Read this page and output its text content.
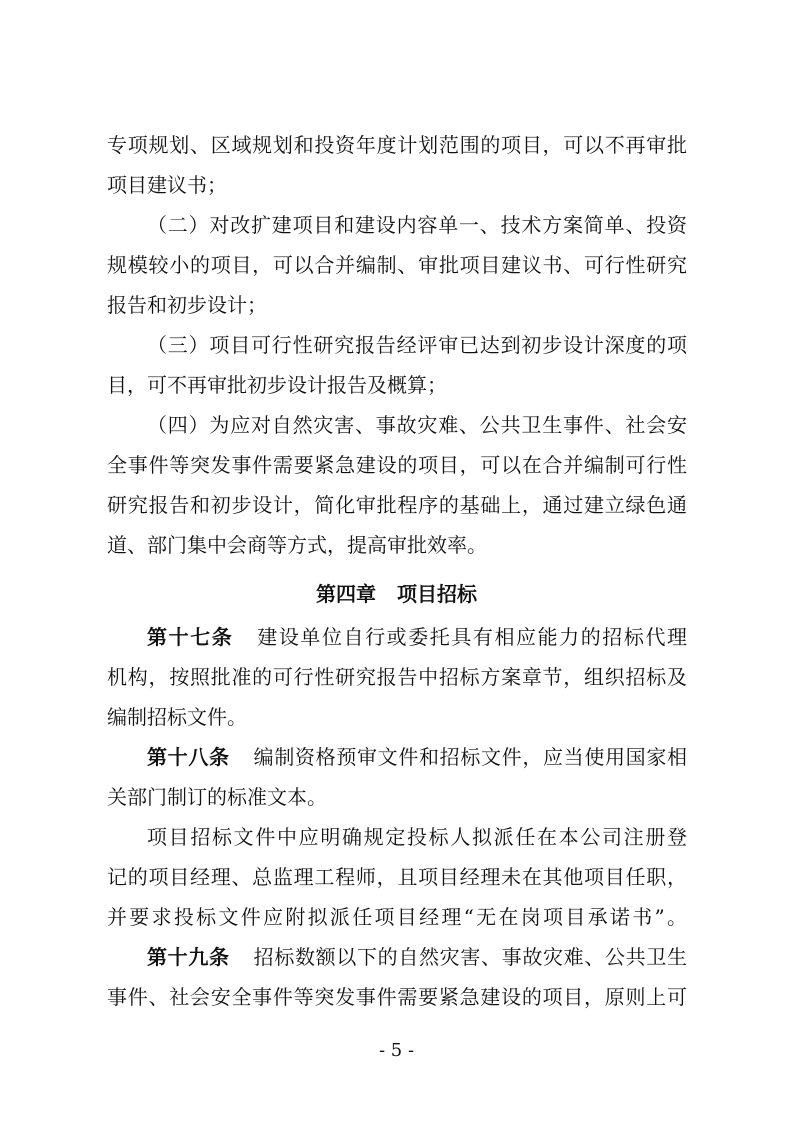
专项规划、区域规划和投资年度计划范围的项目，可以不再审批
项目建议书；
（二）对改扩建项目和建设内容单一、技术方案简单、投资
规模较小的项目，可以合并编制、审批项目建议书、可行性研究
报告和初步设计；
（三）项目可行性研究报告经评审已达到初步设计深度的项
目，可不再审批初步设计报告及概算；
（四）为应对自然灾害、事故灾难、公共卫生事件、社会安
全事件等突发事件需要紧急建设的项目，可以在合并编制可行性
研究报告和初步设计，简化审批程序的基础上，通过建立绿色通
道、部门集中会商等方式，提高审批效率。
第四章 项目招标
第十七条 建设单位自行或委托具有相应能力的招标代理
机构，按照批准的可行性研究报告中招标方案章节，组织招标及
编制招标文件。
第十八条 编制资格预审文件和招标文件，应当使用国家相
关部门制订的标准文本。
项目招标文件中应明确规定投标人拟派任在本公司注册登
记的项目经理、总监理工程师，且项目经理未在其他项目任职，
并要求投标文件应附拟派任项目经理“无在岗项目承诺书”。
第十九条 招标数额以下的自然灾害、事故灾难、公共卫生
事件、社会安全事件等突发事件需要紧急建设的项目，原则上可
- 5 -
